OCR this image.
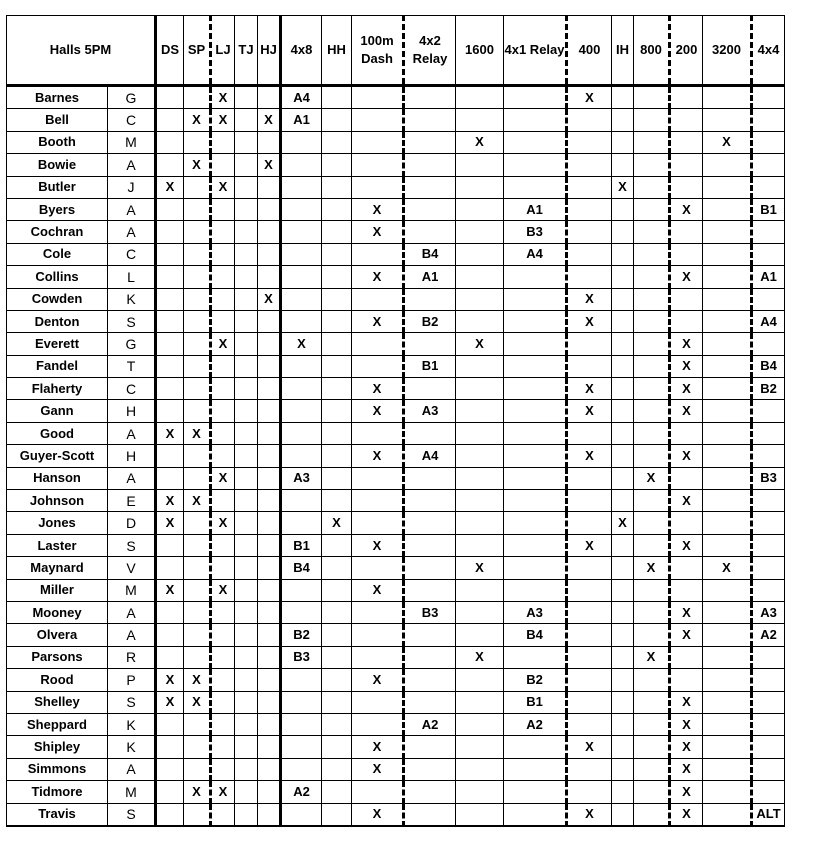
Halls 5PM		DS	SP	LJ	TJ	HJ	4x8	HH	100m Dash	4x2 Relay	1600	4x1 Relay	400	IH	800	200	3200	4x4
Barnes	G			X			A4						X					
Bell	C		X	X		X	A1											
Booth	M										X						X	
Bowie	A		X			X												
Butler	J	X		X										X				
Byers	A								X			A1				X		B1
Cochran	A								X			B3						
Cole	C									B4		A4						
Collins	L								X	A1						X		A1
Cowden	K					X							X					
Denton	S								X	B2			X					A4
Everett	G			X			X				X					X		
Fandel	T									B1						X		B4
Flaherty	C								X				X			X		B2
Gann	H								X	A3			X			X		
Good	A	X	X															
Guyer-Scott	H								X	A4			X			X		
Hanson	A			X			A3								X			B3
Johnson	E	X	X													X		
Jones	D	X		X				X						X				
Laster	S						B1		X				X			X		
Maynard	V						B4				X				X		X	
Miller	M	X		X					X									
Mooney	A									B3		A3				X		A3
Olvera	A						B2					B4				X		A2
Parsons	R						B3				X				X			
Rood	P	X	X						X			B2						
Shelley	S	X	X									B1				X		
Sheppard	K									A2		A2				X		
Shipley	K								X				X			X		
Simmons	A								X							X		
Tidmore	M		X	X			A2									X		
Travis	S								X				X			X		ALT
